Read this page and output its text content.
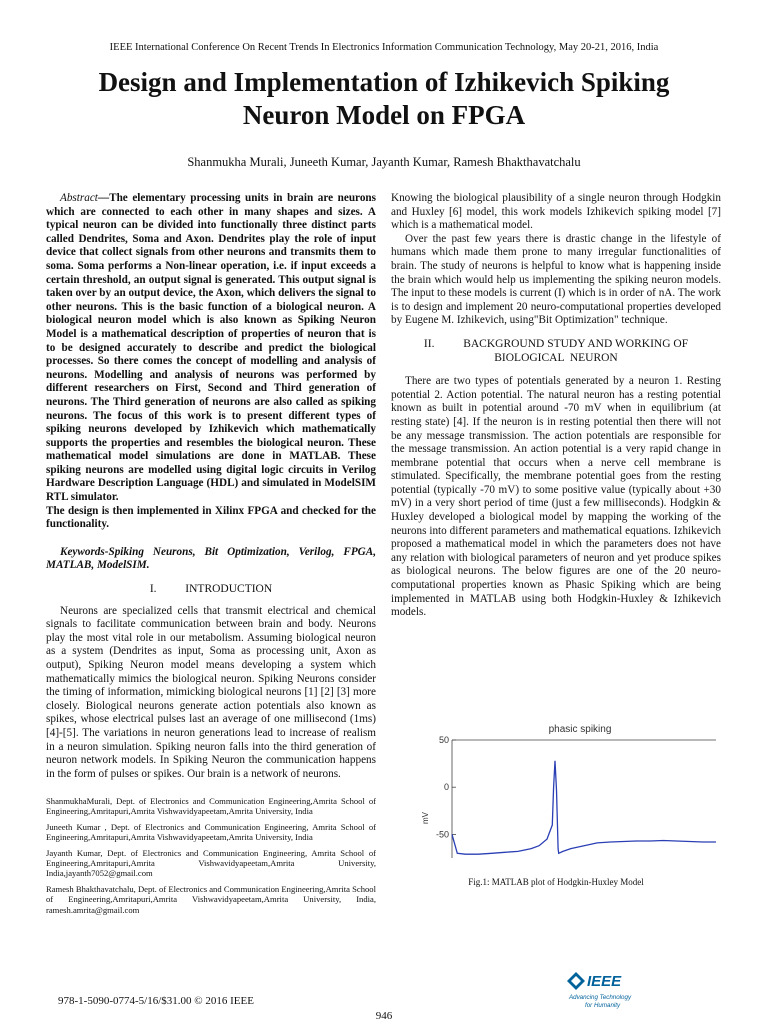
IEEE International Conference On Recent Trends In Electronics Information Communication Technology, May 20-21, 2016, India
Design and Implementation of Izhikevich Spiking
Neuron Model on FPGA
Shanmukha Murali, Juneeth Kumar, Jayanth Kumar, Ramesh Bhakthavatchalu

Abstract—The elementary processing units in brain are neurons which are connected to each other in many shapes and sizes. A typical neuron can be divided into functionally three distinct parts called Dendrites, Soma and Axon. Dendrites play the role of input device that collect signals from other neurons and transmits them to soma. Soma performs a Non-linear operation, i.e. if input exceeds a certain threshold, an output signal is generated. This output signal is taken over by an output device, the Axon, which delivers the signal to other neurons. This is the basic function of a biological neuron. A biological neuron model which is also known as Spiking Neuron Model is a mathematical description of properties of neuron that is to be designed accurately to describe and predict the biological processes. So there comes the concept of modelling and analysis of neurons. Modelling and analysis of neurons was performed by different researchers on First, Second and Third generation of neurons. The Third generation of neurons are also called as spiking neurons. The focus of this work is to present different types of spiking neurons developed by Izhikevich which mathematically supports the properties and resembles the biological neuron. These mathematical model simulations are done in MATLAB. These spiking neurons are modelled using digital logic circuits in Verilog Hardware Description Language (HDL) and simulated in ModelSIM RTL simulator.

The design is then implemented in Xilinx FPGA and checked for the functionality.

Keywords-Spiking Neurons, Bit Optimization, Verilog, FPGA, MATLAB, ModelSIM.

I.          INTRODUCTION

Neurons are specialized cells that transmit electrical and chemical signals to facilitate communication between brain and body. Neurons play the most vital role in our metabolism. Assuming biological neuron as a system (Dendrites as input, Soma as processing unit, Axon as output), Spiking Neuron model means developing a system which mathematically mimics the biological neuron. Spiking Neurons consider the timing of information, mimicking biological neurons [1] [2] [3] more closely. Biological neurons generate action potentials also known as spikes, whose electrical pulses last an average of one millisecond (1ms) [4]-[5]. The variations in neuron generations lead to increase of realism in a neuron simulation. Spiking neuron falls into the third generation of neuron network models. In Spiking Neuron the communication happens in the form of pulses or spikes. Our brain is a network of neurons.

ShanmukhaMurali, Dept. of Electronics and Communication Engineering,Amrita School of Engineering,Amritapuri,Amrita Vishwavidyapeetam,Amrita University, India

Juneeth Kumar , Dept. of Electronics and Communication Engineering, Amrita School of Engineering,Amritapuri,Amrita Vishwavidyapeetam,Amrita University, India

Jayanth Kumar, Dept. of Electronics and Communication Engineering, Amrita School of Engineering,Amritapuri,Amrita Vishwavidyapeetam,Amrita University, India,jayanth7052@gmail.com

Ramesh Bhakthavatchalu, Dept. of Electronics and Communication Engineering,Amrita School of Engineering,Amritapuri,Amrita Vishwavidyapeetam,Amrita University, India, ramesh.amrita@gmail.com

Knowing the biological plausibility of a single neuron through Hodgkin and Huxley [6] model, this work models Izhikevich spiking model [7] which is a mathematical model.

Over the past few years there is drastic change in the lifestyle of humans which made them prone to many irregular functionalities of brain. The study of neurons is helpful to know what is happening inside the brain which would help us implementing the spiking neuron models. The input to these models is current (I) which is in order of nA. The work is to design and implement 20 neuro-computational properties developed by Eugene M. Izhikevich, using"Bit Optimization" technique.

II.          BACKGROUND STUDY AND WORKING OF
BIOLOGICAL  NEURON

There are two types of potentials generated by a neuron 1. Resting potential 2. Action potential. The natural neuron has a resting potential known as built in potential around -70 mV when in equilibrium (at resting state) [4]. If the neuron is in resting potential then there will not be any message transmission. The action potentials are responsible for the message transmission. An action potential is a very rapid change in membrane potential that occurs when a nerve cell membrane is stimulated. Specifically, the membrane potential goes from the resting potential (typically -70 mV) to some positive value (typically about +30 mV) in a very short period of time (just a few milliseconds). Hodgkin & Huxley developed a biological model by mapping the working of the neurons into different parameters and mathematical equations. Izhikevich proposed a mathematical model in which the parameters does not have any relation with biological parameters of neuron and yet produce spikes as biological neurons. The below figures are one of the 20 neuro-computational properties known as Phasic Spiking which are being implemented in MATLAB using both Hodgkin-Huxley & Izhikevich models.

phasic spiking
mV
50
0
-50
Fig.1: MATLAB plot of Hodgkin-Huxley Model
978-1-5090-0774-5/16/$31.00 © 2016 IEEE
946
IEEE
Advancing Technology
for Humanity
